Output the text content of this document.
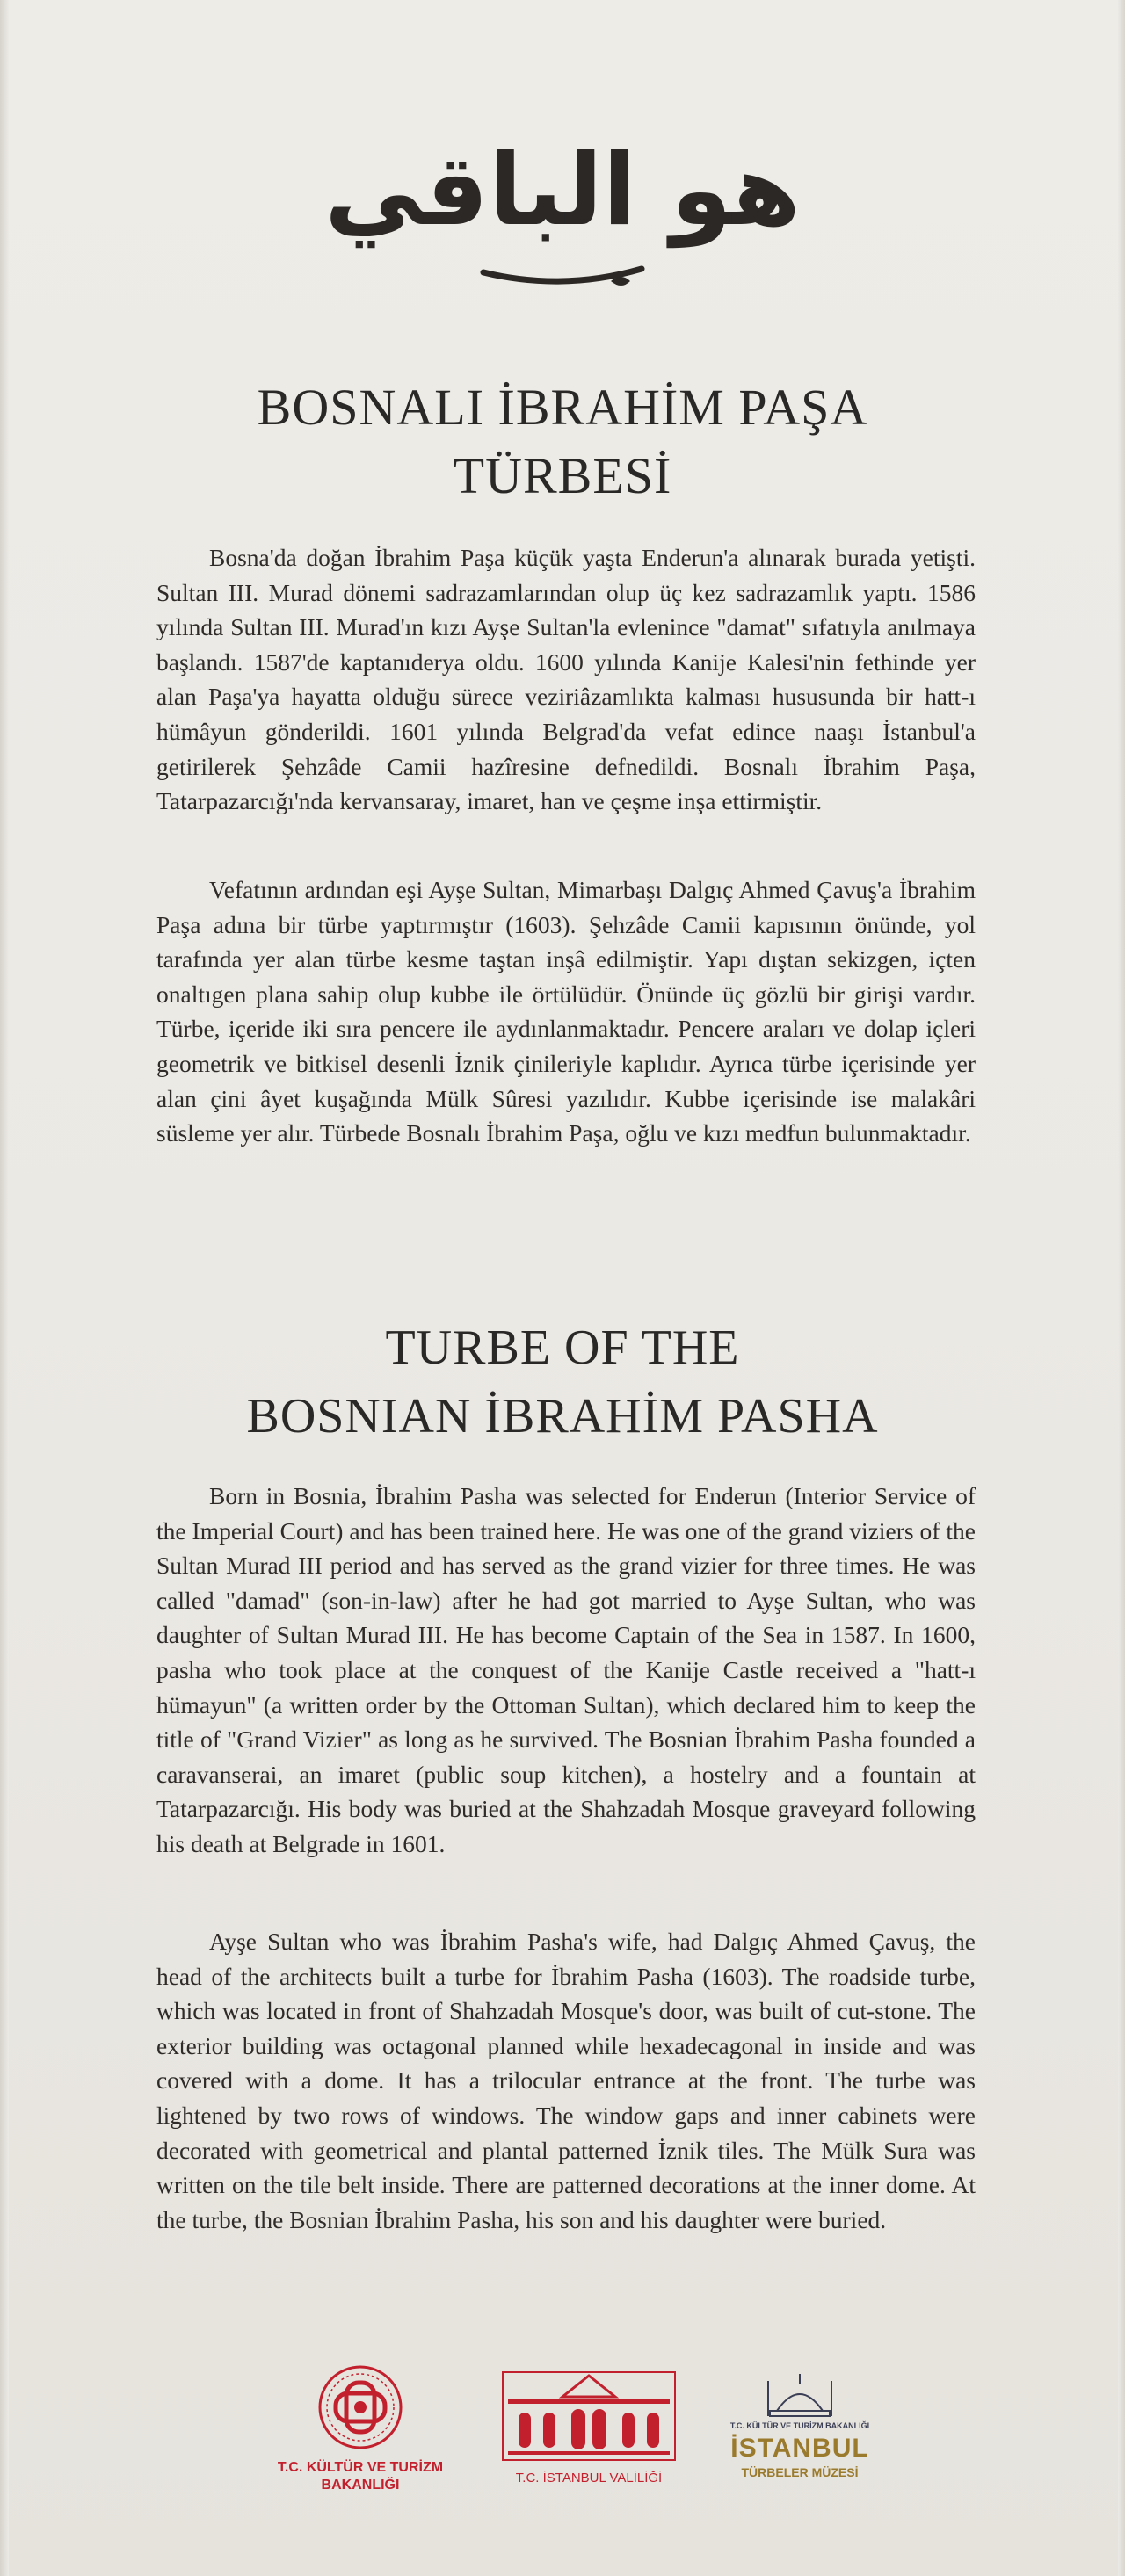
هو الباقي
BOSNALI İBRAHİM PAŞA
TÜRBESİ

Bosna'da doğan İbrahim Paşa küçük yaşta Enderun'a alınarak burada yetişti. Sultan III. Murad dönemi sadrazamlarından olup üç kez sadrazamlık yaptı. 1586 yılında Sultan III. Murad'ın kızı Ayşe Sultan'la evlenince "damat" sıfatıyla anılmaya başlandı. 1587'de kaptanıderya oldu. 1600 yılında Kanije Kalesi'nin fethinde yer alan Paşa'ya hayatta olduğu sürece veziriâzamlıkta kalması hususunda bir hatt-ı hümâyun gönderildi. 1601 yılında Belgrad'da vefat edince naaşı İstanbul'a getirilerek Şehzâde Camii hazîresine defnedildi. Bosnalı İbrahim Paşa, Tatarpazarcığı'nda kervansaray, imaret, han ve çeşme inşa ettirmiştir.

Vefatının ardından eşi Ayşe Sultan, Mimarbaşı Dalgıç Ahmed Çavuş'a İbrahim Paşa adına bir türbe yaptırmıştır (1603). Şehzâde Camii kapısının önünde, yol tarafında yer alan türbe kesme taştan inşâ edilmiştir. Yapı dıştan sekizgen, içten onaltıgen plana sahip olup kubbe ile örtülüdür. Önünde üç gözlü bir girişi vardır. Türbe, içeride iki sıra pencere ile aydınlanmaktadır. Pencere araları ve dolap içleri geometrik ve bitkisel desenli İznik çinileriyle kaplıdır. Ayrıca türbe içerisinde yer alan çini âyet kuşağında Mülk Sûresi yazılıdır. Kubbe içerisinde ise malakâri süsleme yer alır. Türbede Bosnalı İbrahim Paşa, oğlu ve kızı medfun bulunmaktadır.

TURBE OF THE
BOSNIAN İBRAHİM PASHA

Born in Bosnia, İbrahim Pasha was selected for Enderun (Interior Service of the Imperial Court) and has been trained here. He was one of the grand viziers of the Sultan Murad III period and has served as the grand vizier for three times. He was called "damad" (son-in-law) after he had got married to Ayşe Sultan, who was daughter of Sultan Murad III. He has become Captain of the Sea in 1587. In 1600, pasha who took place at the conquest of the Kanije Castle received a "hatt-ı hümayun" (a written order by the Ottoman Sultan), which declared him to keep the title of "Grand Vizier" as long as he survived. The Bosnian İbrahim Pasha founded a caravanserai, an imaret (public soup kitchen), a hostelry and a fountain at Tatarpazarcığı. His body was buried at the Shahzadah Mosque graveyard following his death at Belgrade in 1601.

Ayşe Sultan who was İbrahim Pasha's wife, had Dalgıç Ahmed Çavuş, the head of the architects built a turbe for İbrahim Pasha (1603). The roadside turbe, which was located in front of Shahzadah Mosque's door, was built of cut-stone. The exterior building was octagonal planned while hexadecagonal in inside and was covered with a dome. It has a trilocular entrance at the front. The turbe was lightened by two rows of windows. The window gaps and inner cabinets were decorated with geometrical and plantal patterned İznik tiles. The Mülk Sura was written on the tile belt inside. There are patterned decorations at the inner dome. At the turbe, the Bosnian İbrahim Pasha, his son and his daughter were buried.

T.C. KÜLTÜR VE TURİZM
BAKANLIĞI	T.C. İSTANBUL VALİLİĞİ
T.C. KÜLTÜR VE TURİZM BAKANLIĞI
İSTANBUL
TÜRBELER MÜZESİ
